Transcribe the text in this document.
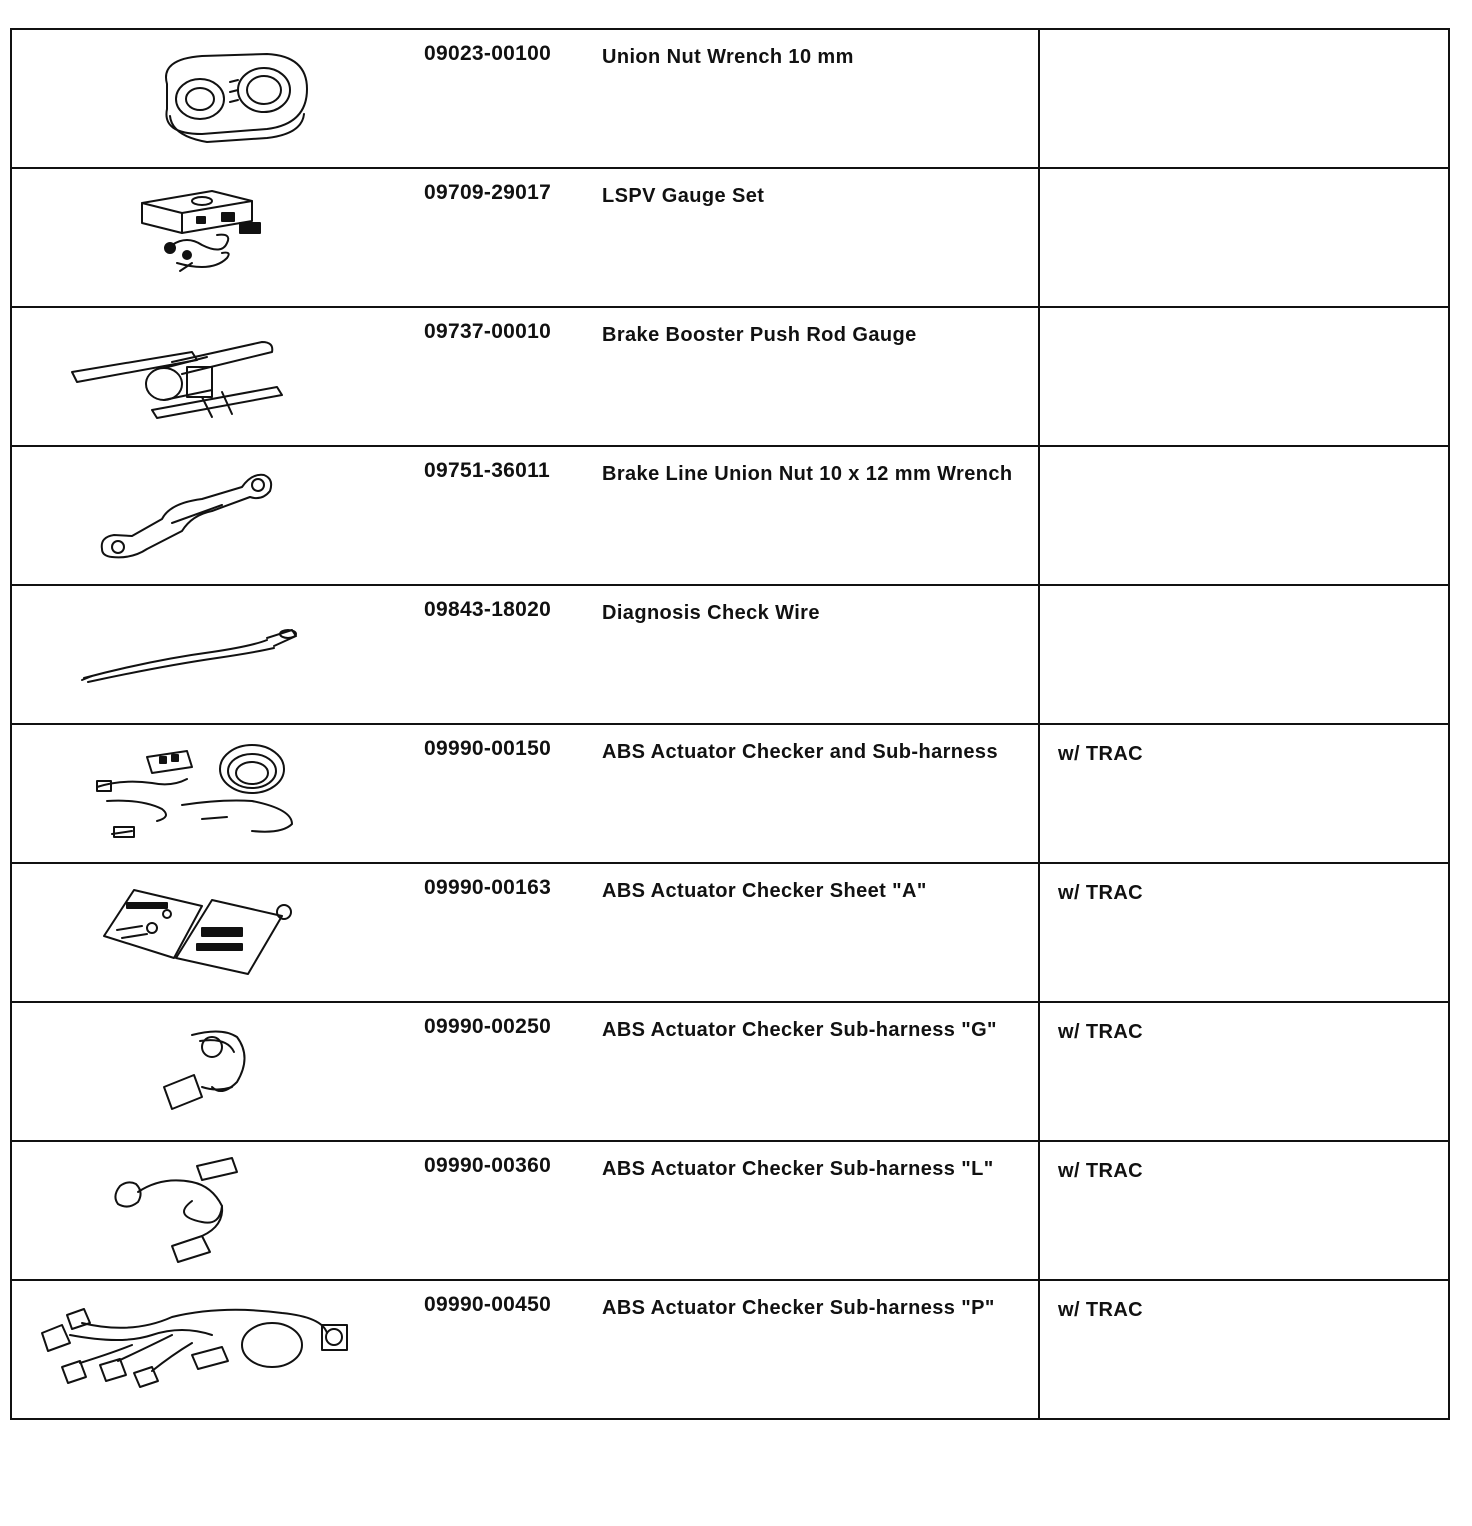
09023-00100 Union Nut Wrench 10 mm	

09709-29017 LSPV Gauge Set	

09737-00010 Brake Booster Push Rod Gauge	

09751-36011 Brake Line Union Nut 10 x 12 mm Wrench	

09843-18020 Diagnosis Check Wire	

09990-00150 ABS Actuator Checker and Sub-harness	w/ TRAC

09990-00163 ABS Actuator Checker Sheet "A"	w/ TRAC

09990-00250 ABS Actuator Checker Sub-harness "G"	w/ TRAC

09990-00360 ABS Actuator Checker Sub-harness "L"	w/ TRAC

09990-00450 ABS Actuator Checker Sub-harness "P"	w/ TRAC
